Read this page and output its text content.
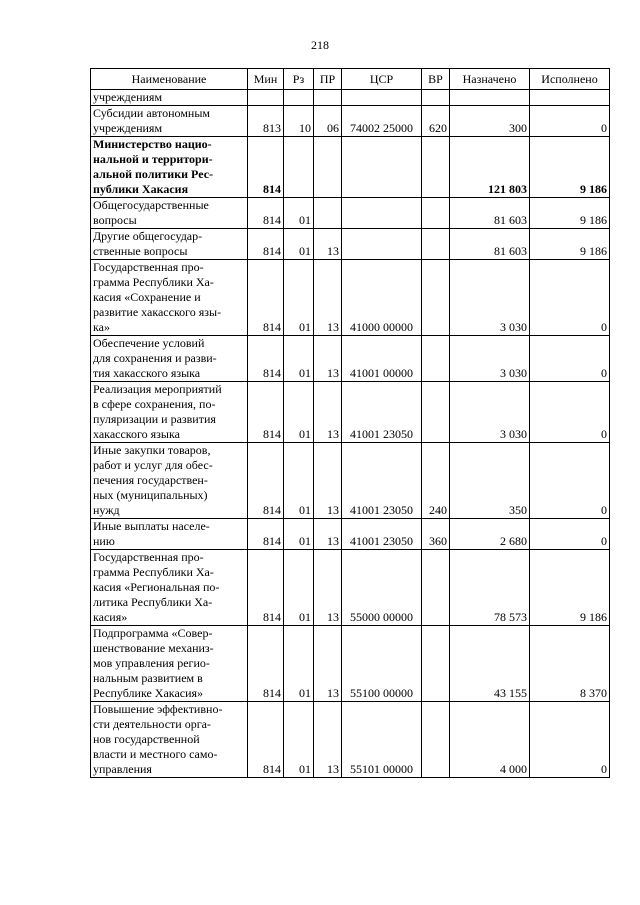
218
Наименование	Мин	Рз	ПР	ЦСР	ВР	Назначено	Исполнено
учреждениям							
Субсидии автономным
учреждениям	813	10	06	74002 25000	620	300	0
Министерство нацио-
нальной и территори-
альной политики Рес-
публики Хакасия	814					121 803	9 186
Общегосударственные
вопросы	814	01				81 603	9 186
Другие общегосудар-
ственные вопросы	814	01	13			81 603	9 186
Государственная про-
грамма Республики Ха-
касия «Сохранение и
развитие хакасского язы-
ка»	814	01	13	41000 00000		3 030	0
Обеспечение условий
для сохранения и разви-
тия хакасского языка	814	01	13	41001 00000		3 030	0
Реализация мероприятий
в сфере сохранения, по-
пуляризации и развития
хакасского языка	814	01	13	41001 23050		3 030	0
Иные закупки товаров,
работ и услуг для обес-
печения государствен-
ных (муниципальных)
нужд	814	01	13	41001 23050	240	350	0
Иные выплаты населе-
нию	814	01	13	41001 23050	360	2 680	0
Государственная про-
грамма Республики Ха-
касия «Региональная по-
литика Республики Ха-
касия»	814	01	13	55000 00000		78 573	9 186
Подпрограмма «Совер-
шенствование механиз-
мов управления регио-
нальным развитием в
Республике Хакасия»	814	01	13	55100 00000		43 155	8 370
Повышение эффективно-
сти деятельности орга-
нов государственной
власти и местного само-
управления	814	01	13	55101 00000		4 000	0
